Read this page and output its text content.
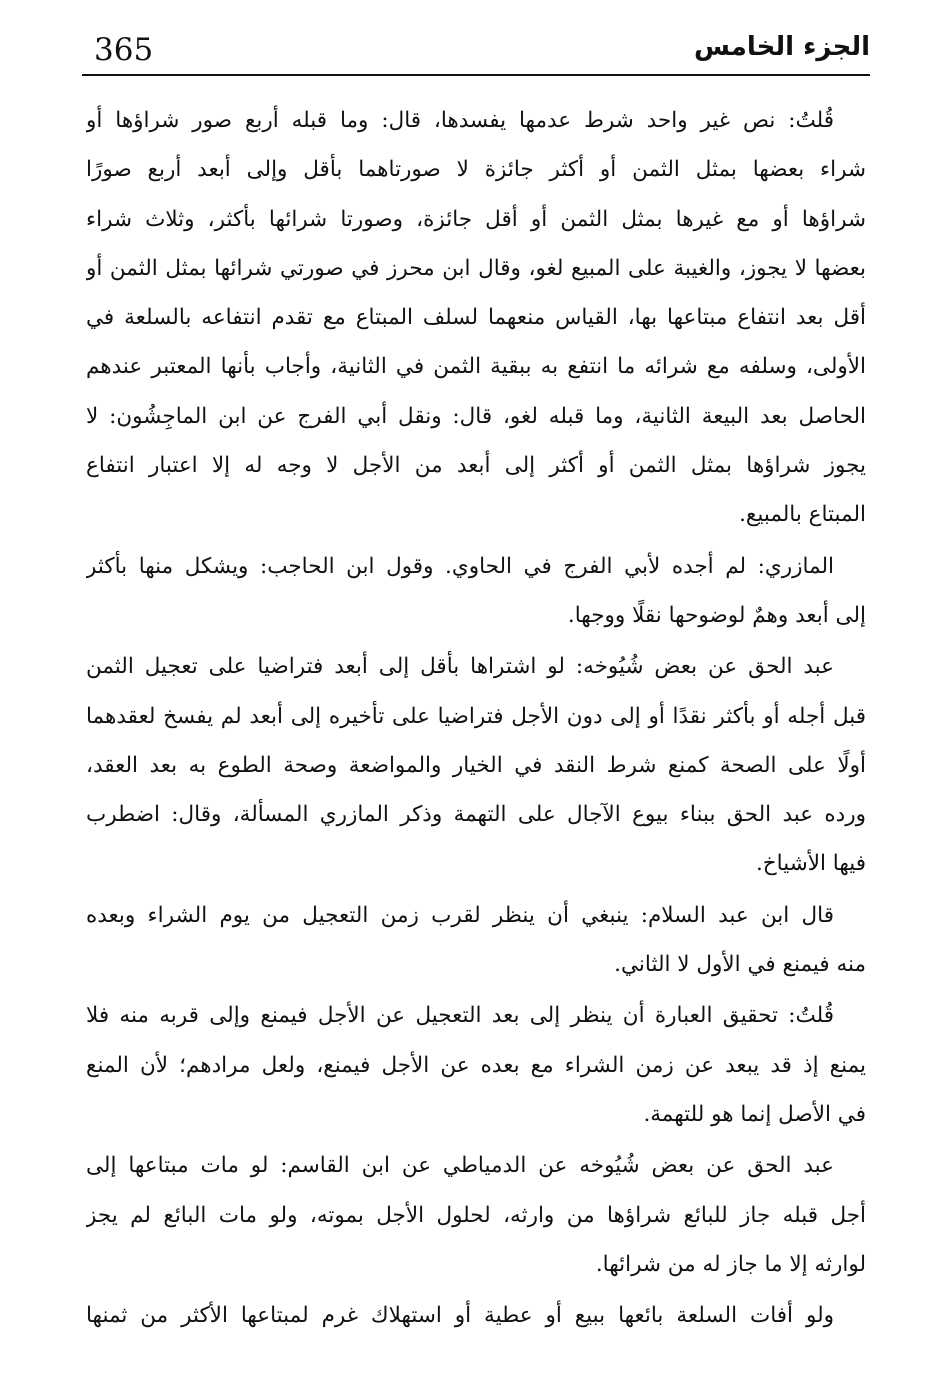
365	الجزء الخامس
قُلتُ: نص غير واحد شرط عدمها يفسدها، قال: وما قبله أربع صور شراؤها أو
شراء بعضها بمثل الثمن أو أكثر جائزة لا صورتاهما بأقل وإلى أبعد أربع صورًا
شراؤها أو مع غيرها بمثل الثمن أو أقل جائزة، وصورتا شرائها بأكثر، وثلاث شراء
بعضها لا يجوز، والغيبة على المبيع لغو، وقال ابن محرز في صورتي شرائها بمثل الثمن أو
أقل بعد انتفاع مبتاعها بها، القياس منعهما لسلف المبتاع مع تقدم انتفاعه بالسلعة في
الأولى، وسلفه مع شرائه ما انتفع به ببقية الثمن في الثانية، وأجاب بأنها المعتبر عندهم
الحاصل بعد البيعة الثانية، وما قبله لغو، قال: ونقل أبي الفرج عن ابن الماجِشُون: لا
يجوز شراؤها بمثل الثمن أو أكثر إلى أبعد من الأجل لا وجه له إلا اعتبار انتفاع
المبتاع بالمبيع.
المازري: لم أجده لأبي الفرج في الحاوي. وقول ابن الحاجب: ويشكل منها بأكثر
إلى أبعد وهمٌ لوضوحها نقلًا ووجها.
عبد الحق عن بعض شُيُوخه: لو اشتراها بأقل إلى أبعد فتراضيا على تعجيل الثمن
قبل أجله أو بأكثر نقدًا أو إلى دون الأجل فتراضيا على تأخيره إلى أبعد لم يفسخ لعقدهما
أولًا على الصحة كمنع شرط النقد في الخيار والمواضعة وصحة الطوع به بعد العقد،
ورده عبد الحق ببناء بيوع الآجال على التهمة وذكر المازري المسألة، وقال: اضطرب
فيها الأشياخ.
قال ابن عبد السلام: ينبغي أن ينظر لقرب زمن التعجيل من يوم الشراء وبعده
منه فيمنع في الأول لا الثاني.
قُلتُ: تحقيق العبارة أن ينظر إلى بعد التعجيل عن الأجل فيمنع وإلى قربه منه فلا
يمنع إذ قد يبعد عن زمن الشراء مع بعده عن الأجل فيمنع، ولعل مرادهم؛ لأن المنع
في الأصل إنما هو للتهمة.
عبد الحق عن بعض شُيُوخه عن الدمياطي عن ابن القاسم: لو مات مبتاعها إلى
أجل قبله جاز للبائع شراؤها من وارثه، لحلول الأجل بموته، ولو مات البائع لم يجز
لوارثه إلا ما جاز له من شرائها.
ولو أفات السلعة بائعها ببيع أو عطية أو استهلاك غرم لمبتاعها الأكثر من ثمنها
